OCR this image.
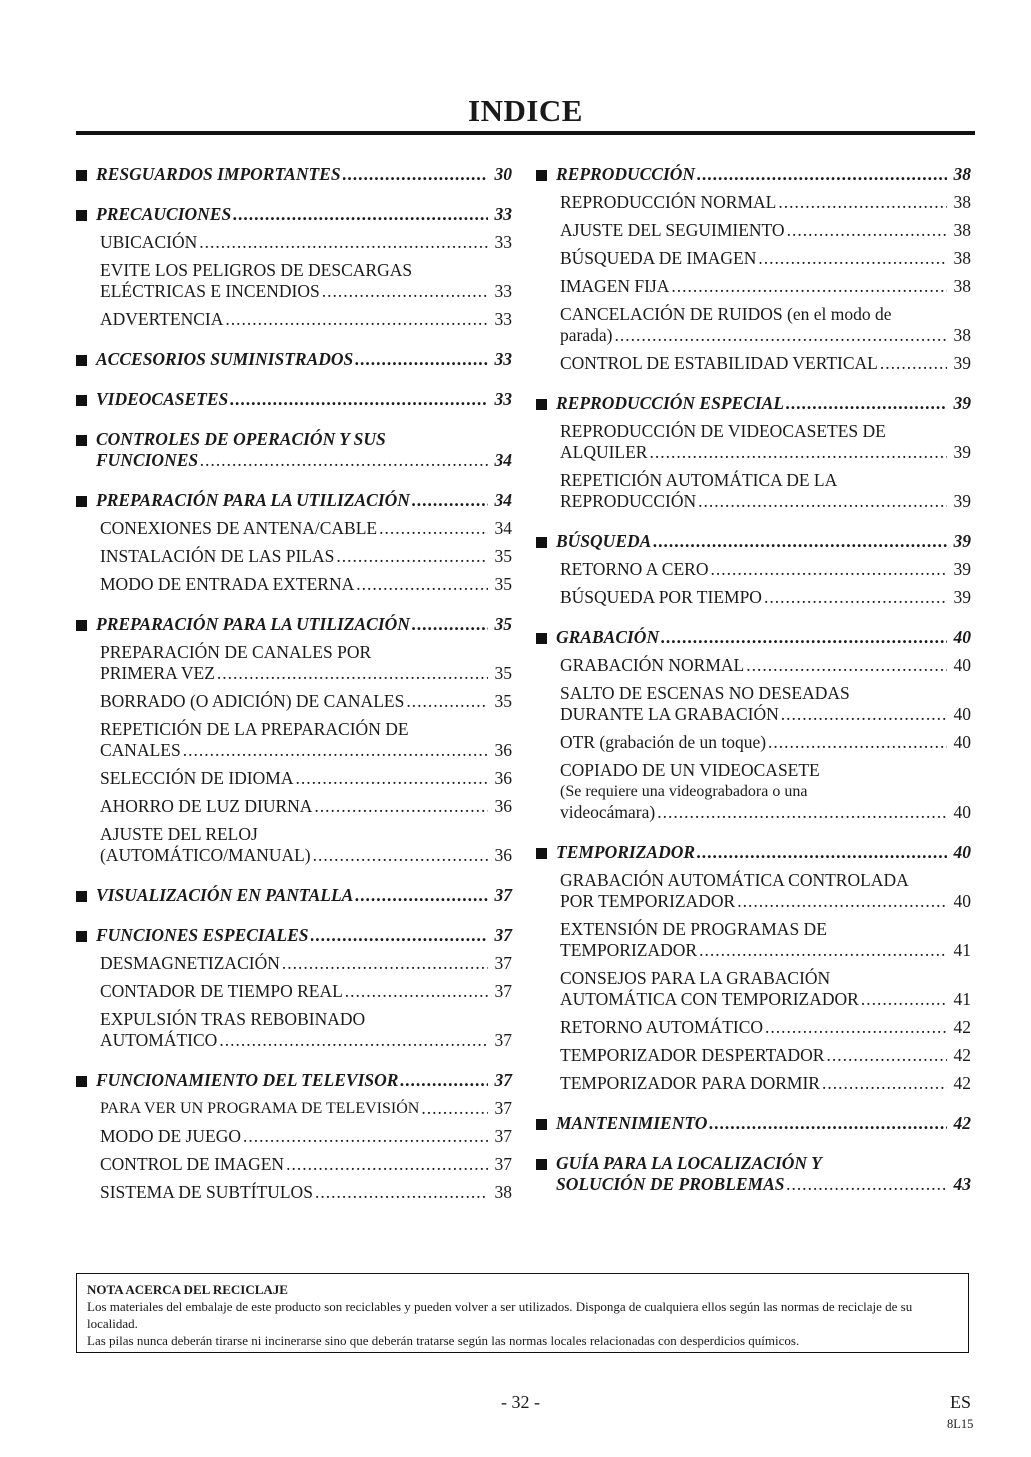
INDICE
RESGUARDOS IMPORTANTES .....	30
PRECAUCIONES .....	33
UBICACIÓN .....	33
EVITE LOS PELIGROS DE DESCARGAS
ELÉCTRICAS E INCENDIOS .....	33
ADVERTENCIA .....	33
ACCESORIOS SUMINISTRADOS .....	33
VIDEOCASETES .....	33
CONTROLES DE OPERACIÓN Y SUS
FUNCIONES .....	34
PREPARACIÓN PARA LA UTILIZACIÓN .....	34
CONEXIONES DE ANTENA/CABLE .....	34
INSTALACIÓN DE LAS PILAS .....	35
MODO DE ENTRADA EXTERNA .....	35
PREPARACIÓN PARA LA UTILIZACIÓN .....	35
PREPARACIÓN DE CANALES POR
PRIMERA VEZ .....	35
BORRADO (O ADICIÓN) DE CANALES .....	35
REPETICIÓN DE LA PREPARACIÓN DE
CANALES .....	36
SELECCIÓN DE IDIOMA .....	36
AHORRO DE LUZ DIURNA .....	36
AJUSTE DEL RELOJ
(AUTOMÁTICO/MANUAL) .....	36
VISUALIZACIÓN EN PANTALLA .....	37
FUNCIONES ESPECIALES .....	37
DESMAGNETIZACIÓN .....	37
CONTADOR DE TIEMPO REAL .....	37
EXPULSIÓN TRAS REBOBINADO
AUTOMÁTICO .....	37
FUNCIONAMIENTO DEL TELEVISOR .....	37
PARA VER UN PROGRAMA DE TELEVISIÓN .....	37
MODO DE JUEGO .....	37
CONTROL DE IMAGEN .....	37
SISTEMA DE SUBTÍTULOS .....	38
REPRODUCCIÓN .....	38
REPRODUCCIÓN NORMAL .....	38
AJUSTE DEL SEGUIMIENTO .....	38
BÚSQUEDA DE IMAGEN .....	38
IMAGEN FIJA .....	38
CANCELACIÓN DE RUIDOS (en el modo de
parada) .....	38
CONTROL DE ESTABILIDAD VERTICAL .....	39
REPRODUCCIÓN ESPECIAL .....	39
REPRODUCCIÓN DE VIDEOCASETES DE
ALQUILER .....	39
REPETICIÓN AUTOMÁTICA DE LA
REPRODUCCIÓN .....	39
BÚSQUEDA .....	39
RETORNO A CERO .....	39
BÚSQUEDA POR TIEMPO .....	39
GRABACIÓN .....	40
GRABACIÓN NORMAL .....	40
SALTO DE ESCENAS NO DESEADAS
DURANTE LA GRABACIÓN .....	40
OTR (grabación de un toque) .....	40
COPIADO DE UN VIDEOCASETE
(Se requiere una videograbadora o una
videocámara) .....	40
TEMPORIZADOR .....	40
GRABACIÓN AUTOMÁTICA CONTROLADA
POR TEMPORIZADOR .....	40
EXTENSIÓN DE PROGRAMAS DE
TEMPORIZADOR .....	41
CONSEJOS PARA LA GRABACIÓN
AUTOMÁTICA CON TEMPORIZADOR .....	41
RETORNO AUTOMÁTICO .....	42
TEMPORIZADOR DESPERTADOR .....	42
TEMPORIZADOR PARA DORMIR .....	42
MANTENIMIENTO .....	42
GUÍA PARA LA LOCALIZACIÓN Y
SOLUCIÓN DE PROBLEMAS .....	43
NOTA ACERCA DEL RECICLAJE
Los materiales del embalaje de este producto son reciclables y pueden volver a ser utilizados. Disponga de cualquiera ellos según las normas de reciclaje de su localidad.
Las pilas nunca deberán tirarse ni incinerarse sino que deberán tratarse según las normas locales relacionadas con desperdicios químicos.
- 32 -	ES
8L15
